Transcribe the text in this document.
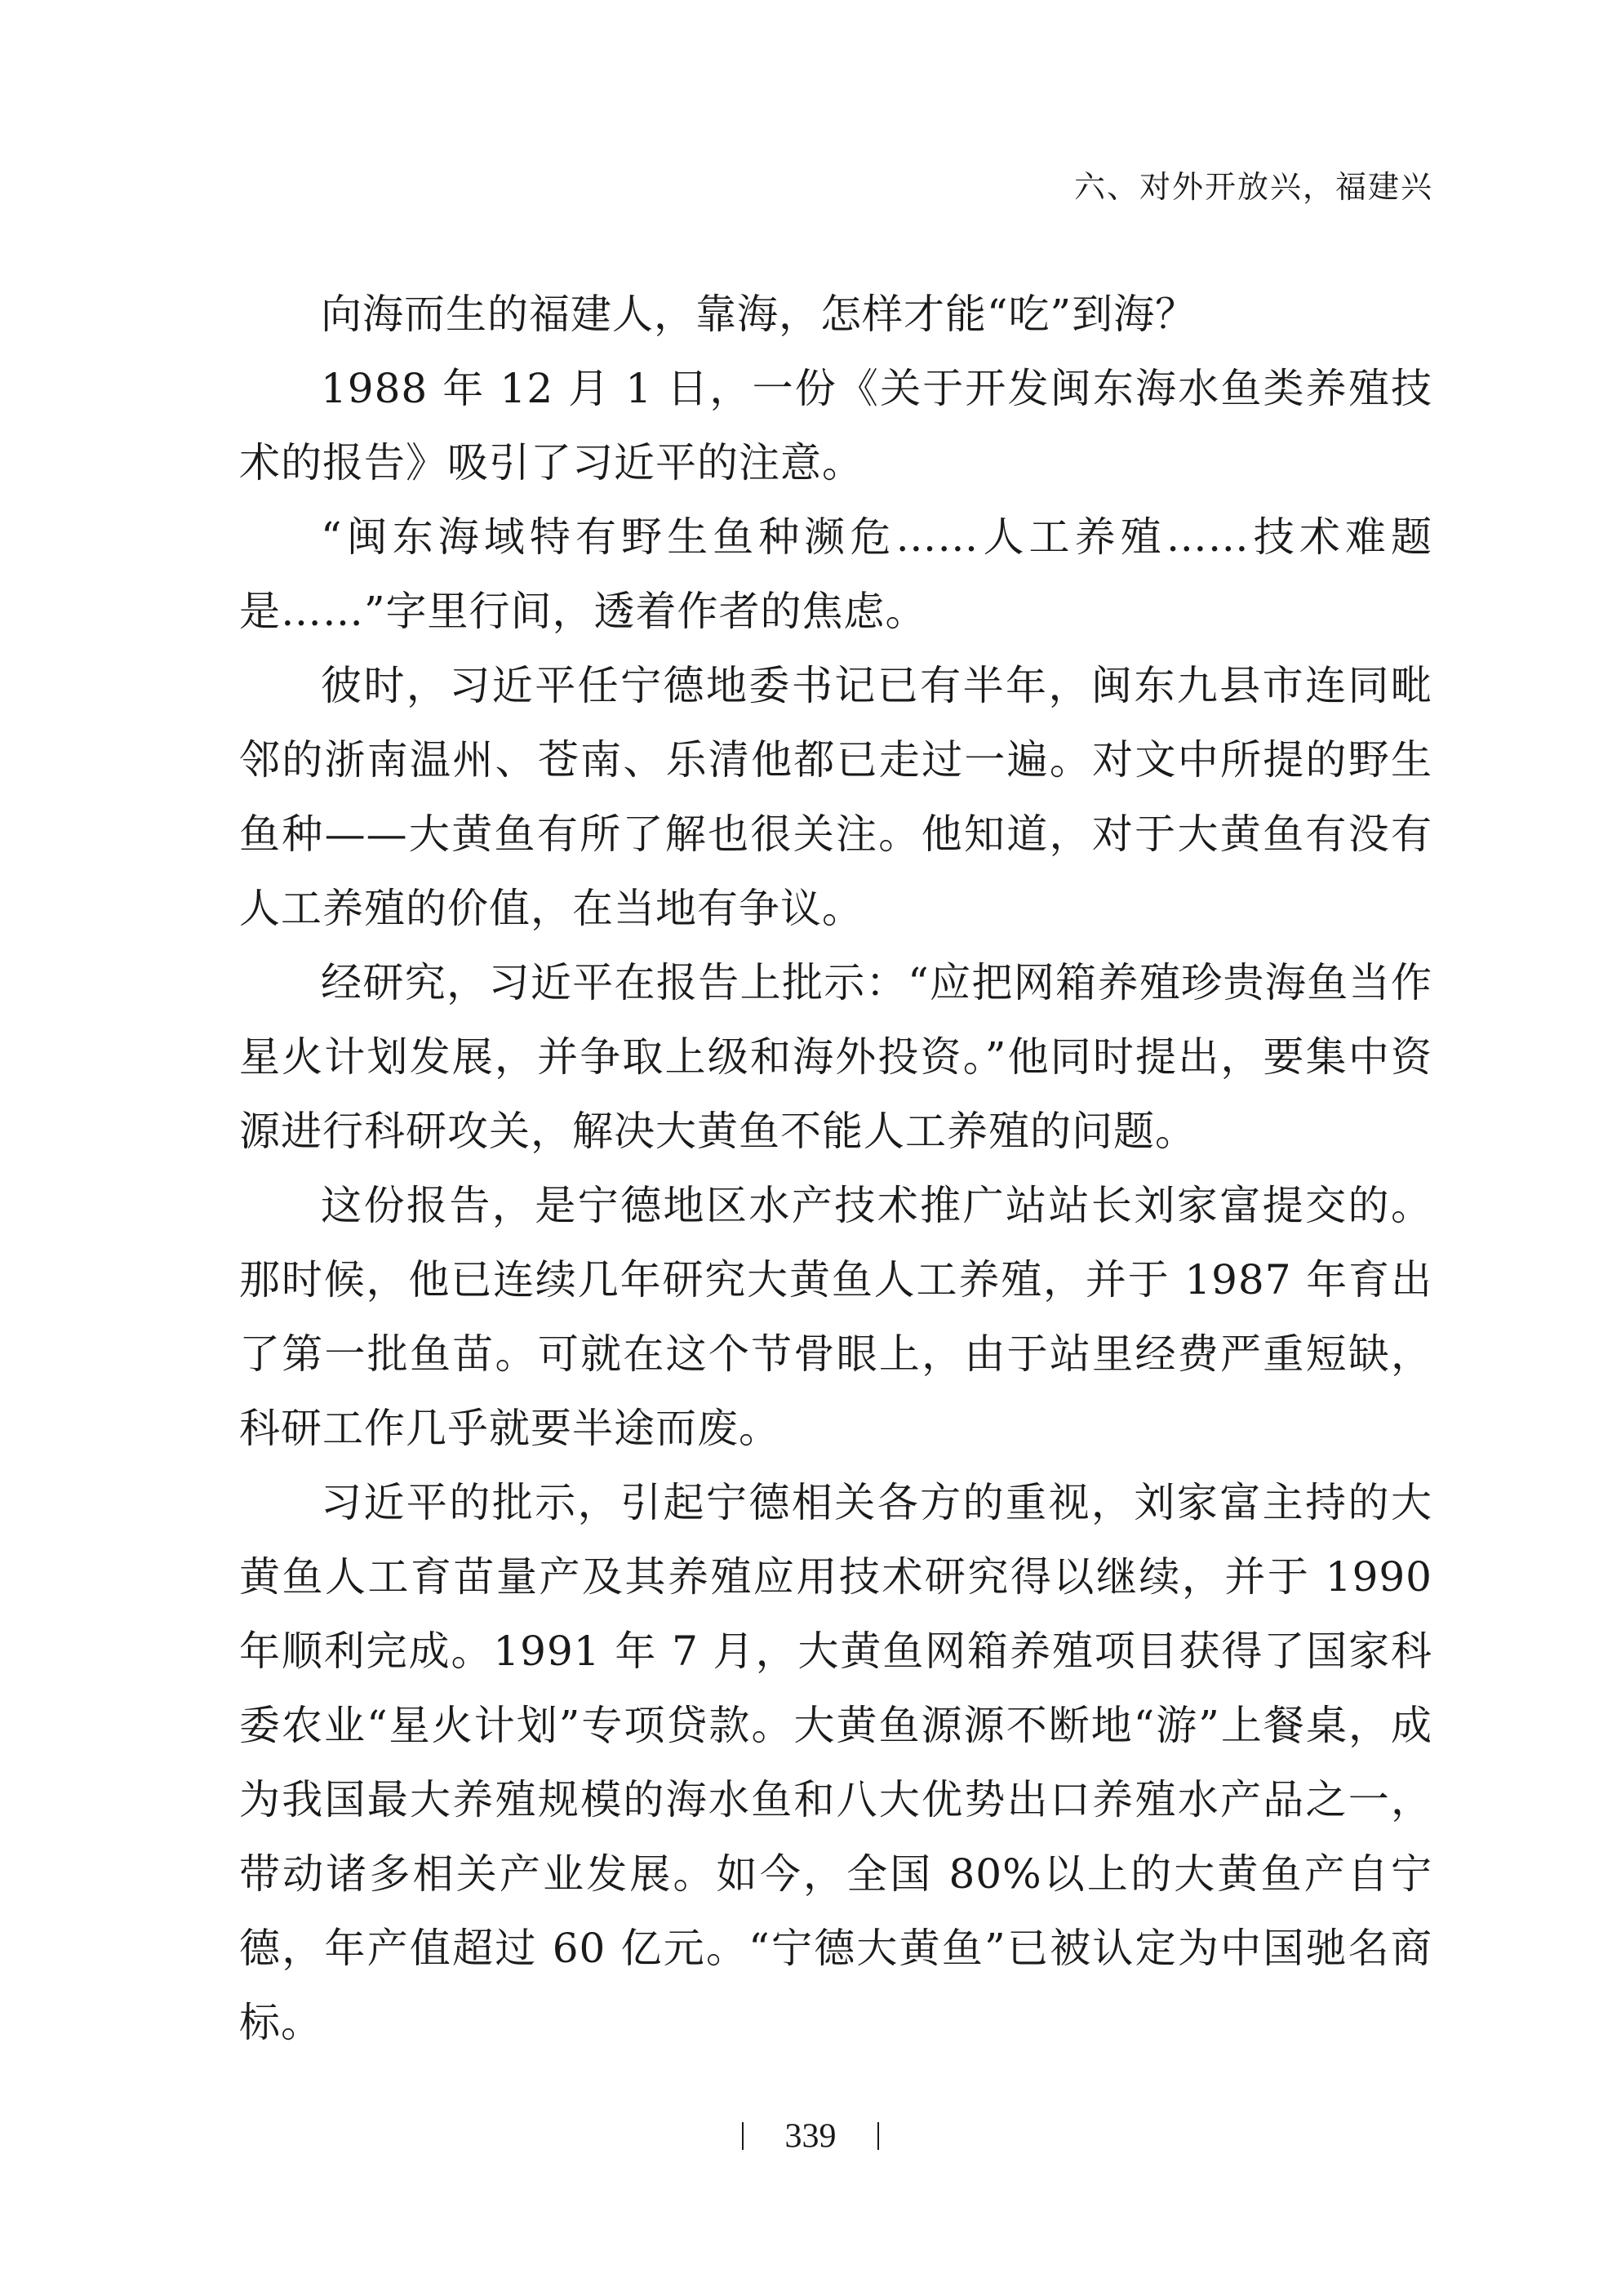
六、对外开放兴，福建兴

向海而生的福建人，靠海，怎样才能“吃”到海？

1988 年 12 月 1 日，一份《关于开发闽东海水鱼类养殖技术的报告》吸引了习近平的注意。

“闽东海域特有野生鱼种濒危……人工养殖……技术难题是……”字里行间，透着作者的焦虑。

彼时，习近平任宁德地委书记已有半年，闽东九县市连同毗邻的浙南温州、苍南、乐清他都已走过一遍。对文中所提的野生鱼种——大黄鱼有所了解也很关注。他知道，对于大黄鱼有没有人工养殖的价值，在当地有争议。

经研究，习近平在报告上批示：“应把网箱养殖珍贵海鱼当作星火计划发展，并争取上级和海外投资。”他同时提出，要集中资源进行科研攻关，解决大黄鱼不能人工养殖的问题。

这份报告，是宁德地区水产技术推广站站长刘家富提交的。那时候，他已连续几年研究大黄鱼人工养殖，并于 1987 年育出了第一批鱼苗。可就在这个节骨眼上，由于站里经费严重短缺，科研工作几乎就要半途而废。

习近平的批示，引起宁德相关各方的重视，刘家富主持的大黄鱼人工育苗量产及其养殖应用技术研究得以继续，并于 1990 年顺利完成。1991 年 7 月，大黄鱼网箱养殖项目获得了国家科委农业“星火计划”专项贷款。大黄鱼源源不断地“游”上餐桌，成为我国最大养殖规模的海水鱼和八大优势出口养殖水产品之一，带动诸多相关产业发展。如今，全国 80%以上的大黄鱼产自宁德，年产值超过 60 亿元。“宁德大黄鱼”已被认定为中国驰名商标。

339
